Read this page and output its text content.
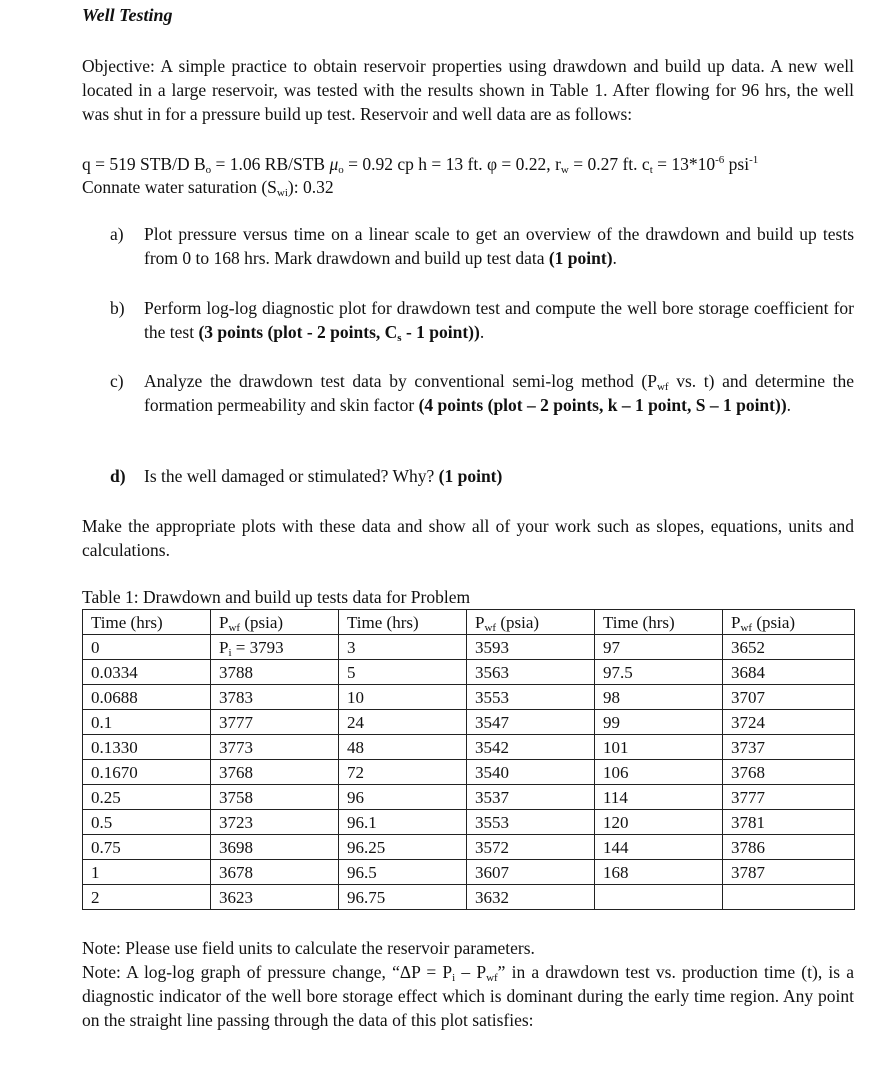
Well Testing
Objective: A simple practice to obtain reservoir properties using drawdown and build up data. A new well located in a large reservoir, was tested with the results shown in Table 1. After flowing for 96 hrs, the well was shut in for a pressure build up test. Reservoir and well data are as follows:
q = 519 STB/D $B_o = 1.06$ RB/STB $\mu_o = 0.92$ cp h = 13 ft. φ = 0.22, $r_w = 0.27$ ft. $c_t = 13*10^{-6}$ psi$^{-1}$
Connate water saturation $(S_{wi})$: 0.32
a) Plot pressure versus time on a linear scale to get an overview of the drawdown and build up tests from 0 to 168 hrs. Mark drawdown and build up test data (1 point).
b) Perform log-log diagnostic plot for drawdown test and compute the well bore storage coefficient for the test (3 points (plot - 2 points, $C_s - 1$ point)).
c) Analyze the drawdown test data by conventional semi-log method ($P_{wf}$ vs. t) and determine the formation permeability and skin factor (4 points (plot – 2 points, k – 1 point, S – 1 point)).
d) Is the well damaged or stimulated? Why? (1 point)
Make the appropriate plots with these data and show all of your work such as slopes, equations, units and calculations.
Table 1: Drawdown and build up tests data for Problem
Time (hrs)	$P_{wf}$ (psia)	Time (hrs)	$P_{wf}$ (psia)	Time (hrs)	$P_{wf}$ (psia)
0	$P_i = 3793$	3	3593	97	3652
0.0334	3788	5	3563	97.5	3684
0.0688	3783	10	3553	98	3707
0.1	3777	24	3547	99	3724
0.1330	3773	48	3542	101	3737
0.1670	3768	72	3540	106	3768
0.25	3758	96	3537	114	3777
0.5	3723	96.1	3553	120	3781
0.75	3698	96.25	3572	144	3786
1	3678	96.5	3607	168	3787
2	3623	96.75	3632		
Note: Please use field units to calculate the reservoir parameters.
Note: A log-log graph of pressure change, “$\Delta P = P_i - P_{wf}$” in a drawdown test vs. production time (t), is a diagnostic indicator of the well bore storage effect which is dominant during the early time region. Any point on the straight line passing through the data of this plot satisfies:
